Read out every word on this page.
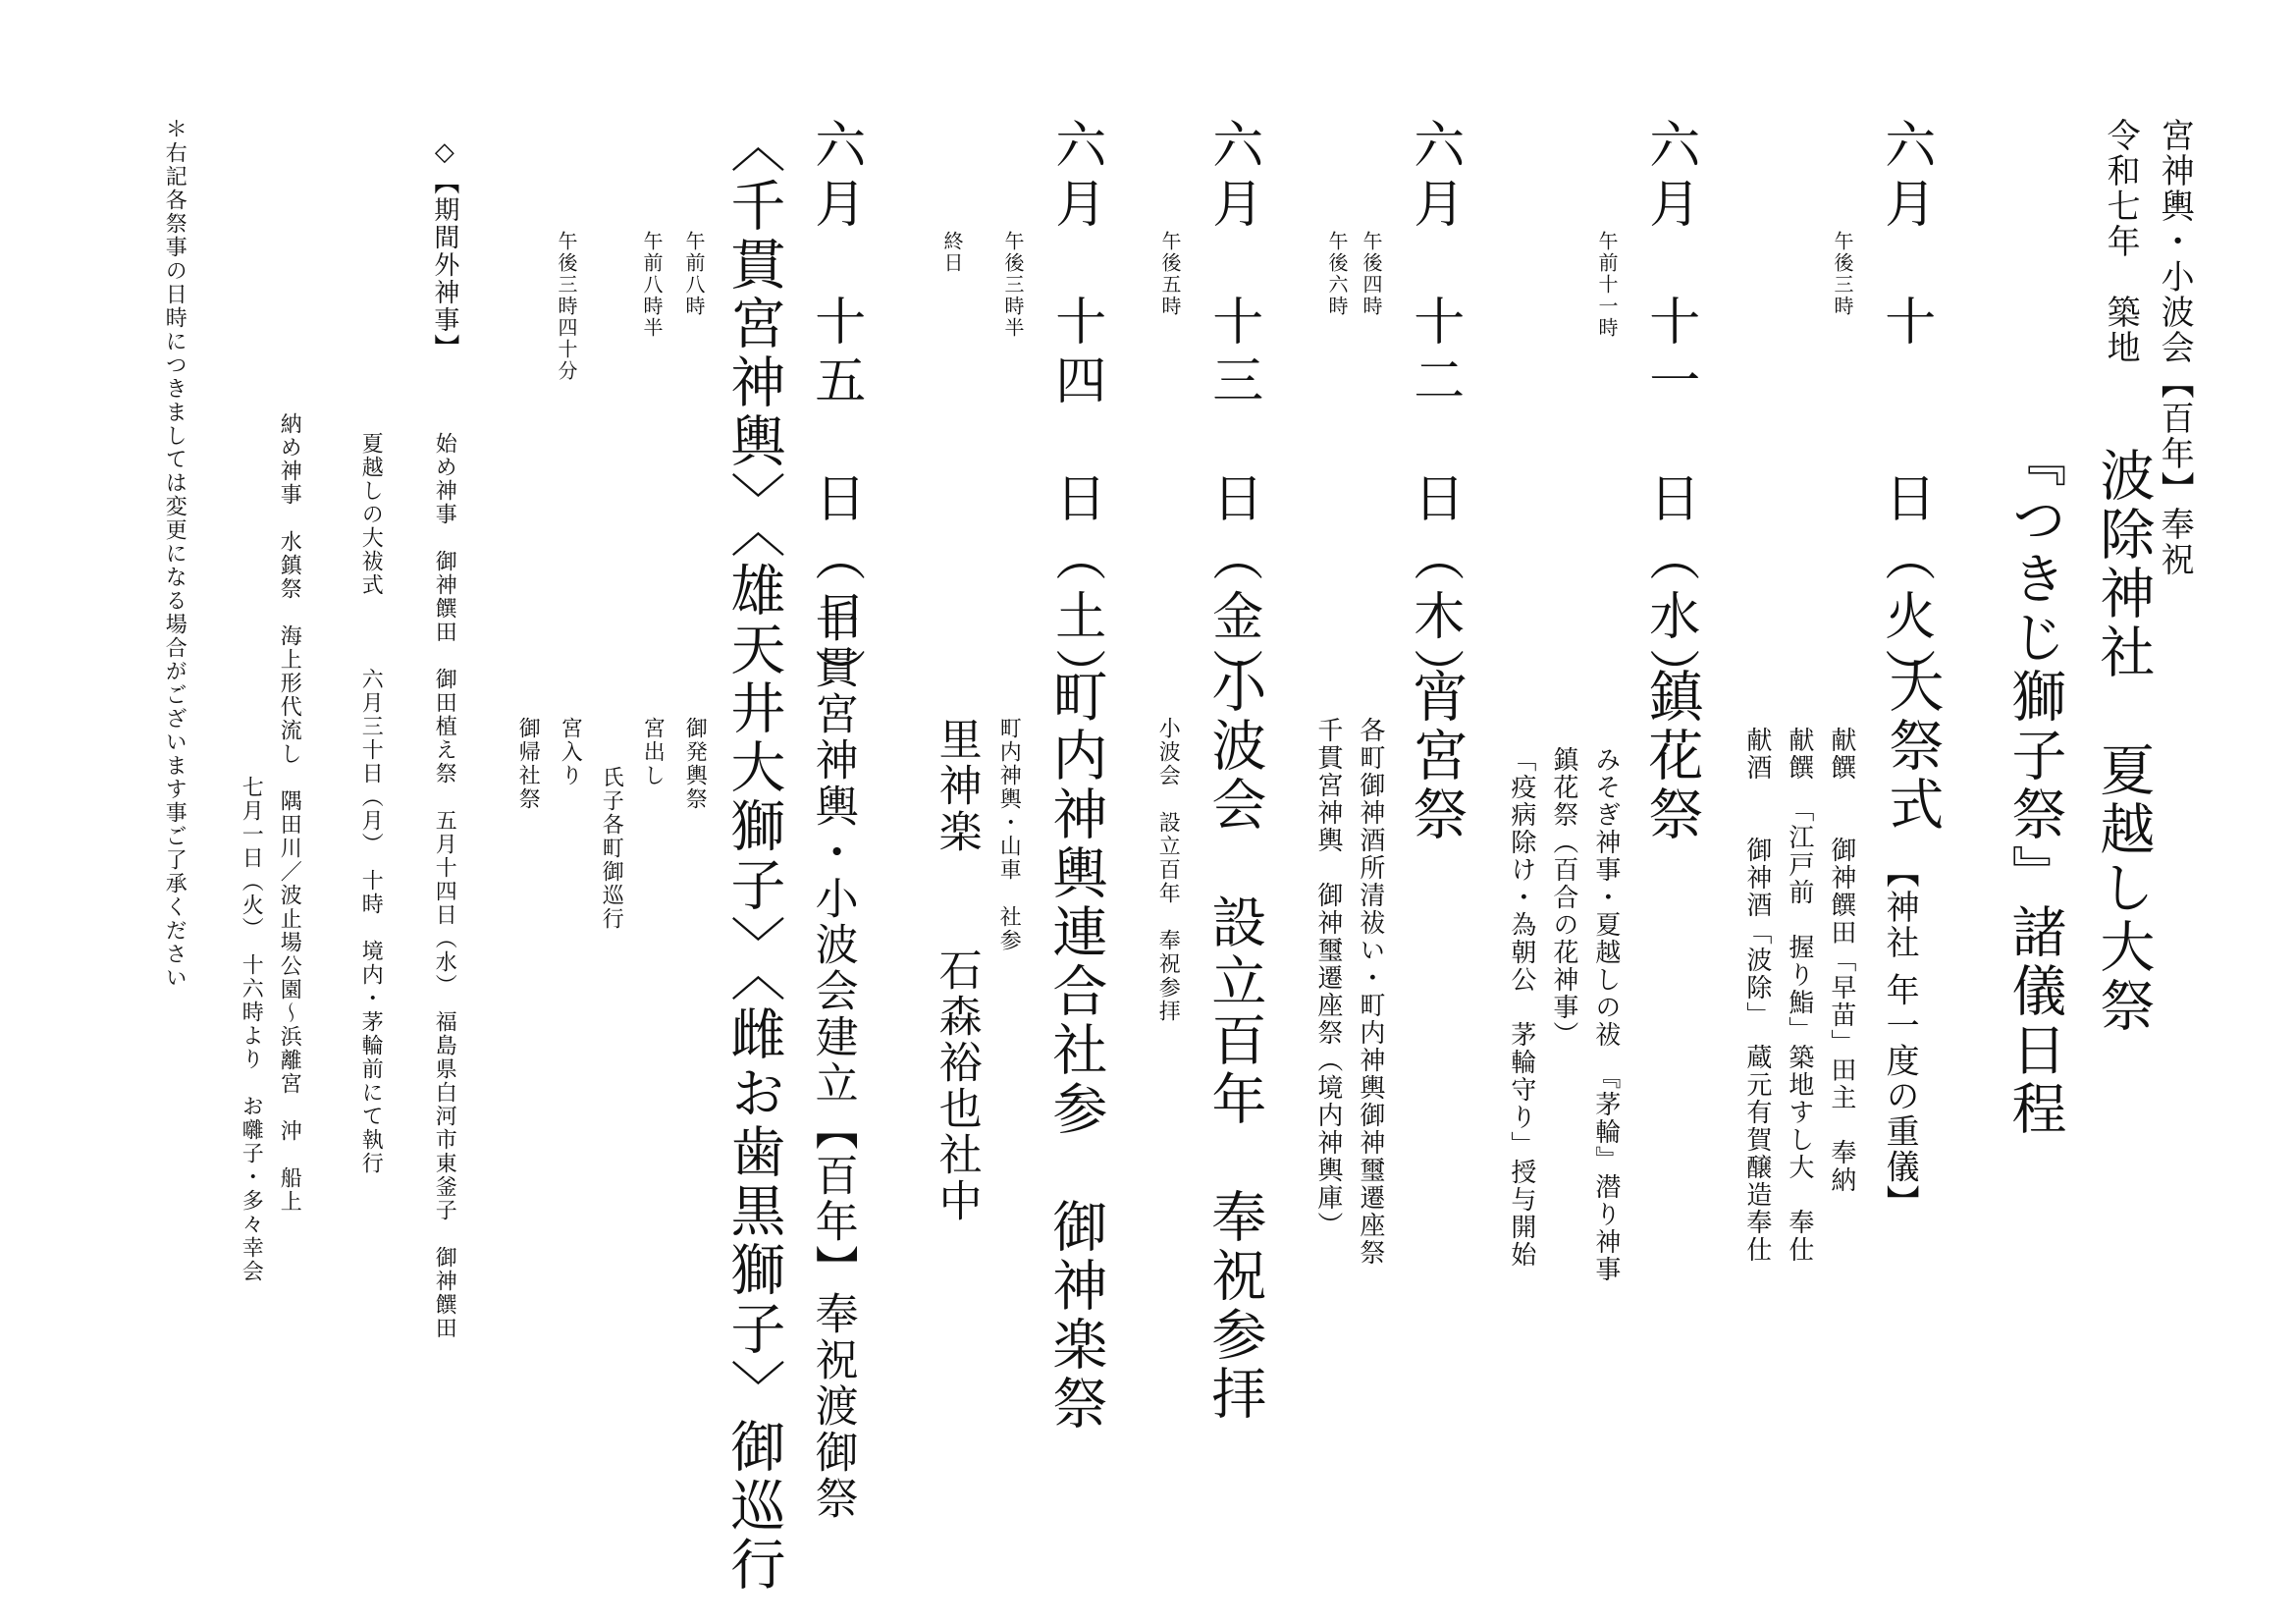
宮神輿・小波会【百年】奉祝
令和七年　築地
波除神社　夏越し大祭
『つきじ獅子祭』諸儀日程
六月　十　　日（火）
午後三時
大祭式
【神社 年一度の重儀】
献饌　　御神饌田「早苗」田主　奉納
献饌　「江戸前　握り鮨」築地すし大　奉仕
献酒　　御神酒「波除」　蔵元有賀醸造奉仕
六月　十一　日（水）
午前十一時
鎮花祭
みそぎ神事・夏越しの祓　『茅輪』潜り神事
鎮花祭（百合の花神事）
「疫病除け・為朝公　茅輪守り」授与開始
六月　十二　日（木）
午後四時
午後六時
宵宮祭
各町御神酒所清祓い・町内神輿御神璽遷座祭
千貫宮神輿　御神璽遷座祭（境内神輿庫）
六月　十三　日（金）
午後五時
小波会　設立百年　奉祝参拝
小波会　設立百年　奉祝参拝
六月　十四　日（土）
午後三時半
終日
町内神輿連合社参　御神楽祭
町内神輿・山車　社参
里神楽　　石森裕也社中
六月　十五　日（日）
千貫宮神輿・小波会建立【百年】奉祝渡御祭
〈千貫宮神輿〉〈雄天井大獅子〉〈雌お歯黒獅子〉御巡行
午前八時
午前八時半
午後三時四十分
御発輿祭
宮出し
氏子各町御巡行
宮入り
御帰社祭
◇【期間外神事】
始め神事　御神饌田　御田植え祭　五月十四日（水）　福島県白河市東釜子　御神饌田
夏越しの大祓式　　　六月三十日（月）　十時　境内・茅輪前にて執行
納め神事　水鎮祭　海上形代流し　隅田川／波止場公園〜浜離宮　沖　船上
七月一日（火）　十六時より　お囃子・多々幸会
＊右記各祭事の日時につきましては変更になる場合がございます事ご了承ください
